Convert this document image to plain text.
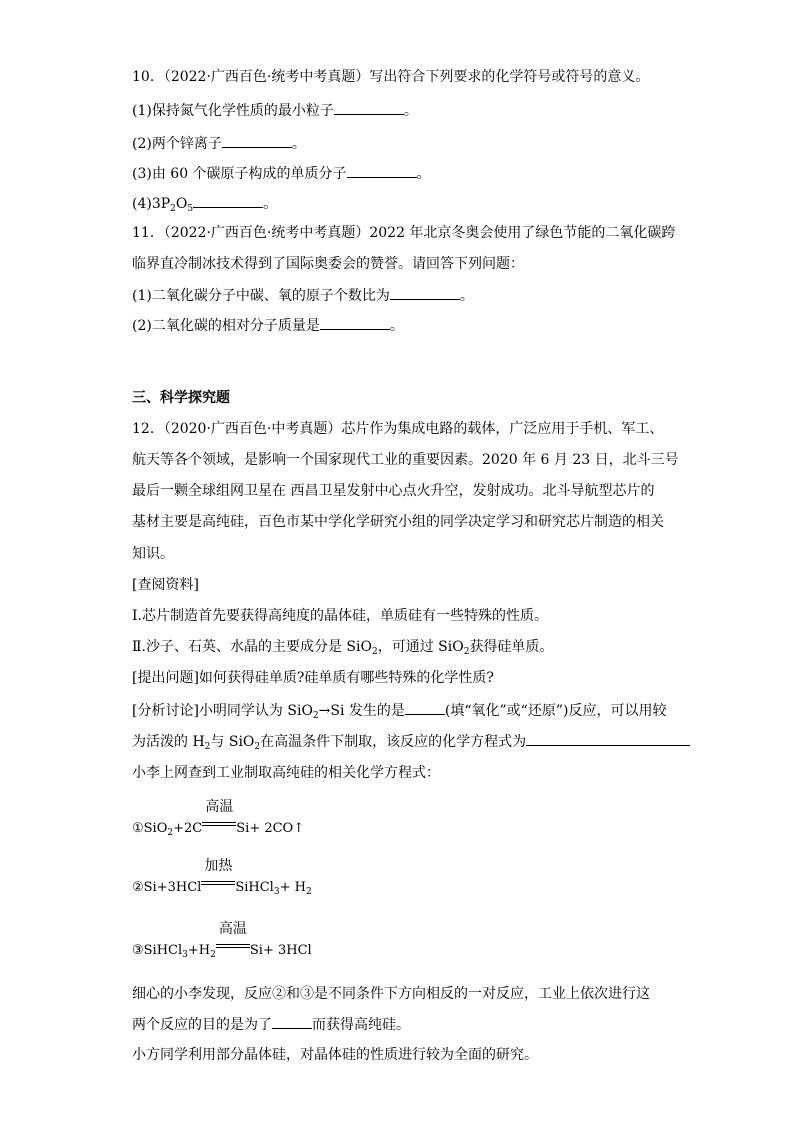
10．（2022·广西百色·统考中考真题）写出符合下列要求的化学符号或符号的意义。
(1)保持氮气化学性质的最小粒子	。
(2)两个锌离子	。
(3)由 60 个碳原子构成的单质分子	。
$(4)3P_2O_5$	。
11．（2022·广西百色·统考中考真题）2022 年北京冬奥会使用了绿色节能的二氧化碳跨
临界直冷制冰技术得到了国际奥委会的赞誉。请回答下列问题：
(1)二氧化碳分子中碳、氧的原子个数比为	。
(2)二氧化碳的相对分子质量是	。
三、科学探究题
12．（2020·广西百色·中考真题）芯片作为集成电路的载体，广泛应用于手机、军工、
航天等各个领域，是影响一个国家现代工业的重要因素。2020 年 6 月 23 日，北斗三号
最后一颗全球组网卫星在 西昌卫星发射中心点火升空，发射成功。北斗导航型芯片的
基材主要是高纯硅，百色市某中学化学研究小组的同学决定学习和研究芯片制造的相关
知识。
[查阅资料]
Ⅰ.芯片制造首先要获得高纯度的晶体硅，单质硅有一些特殊的性质。
Ⅱ.沙子、石英、水晶的主要成分是 SiO$_2$，可通过 SiO$_2$获得硅单质。
[提出问题]如何获得硅单质?硅单质有哪些特殊的化学性质?
[分析讨论]小明同学认为 SiO$_2$→Si 发生的是	(填“氧化”或“还原”)反应，可以用较
为活泼的 $H_2$与 SiO$_2$在高温条件下制取，该反应的化学方程式为
小李上网查到工业制取高纯硅的相关化学方程式：
①SiO$_2$+2C
高温
Si+ 2CO↑
②Si+3HCl
加热
SiHCl$_3$+ $H_2$
$③SiHCl_3+H_2$
高温
Si+ 3HCl
细心的小李发现，反应②和③是不同条件下方向相反的一对反应，工业上依次进行这
两个反应的目的是为了	而获得高纯硅。
小方同学利用部分晶体硅，对晶体硅的性质进行较为全面的研究。
